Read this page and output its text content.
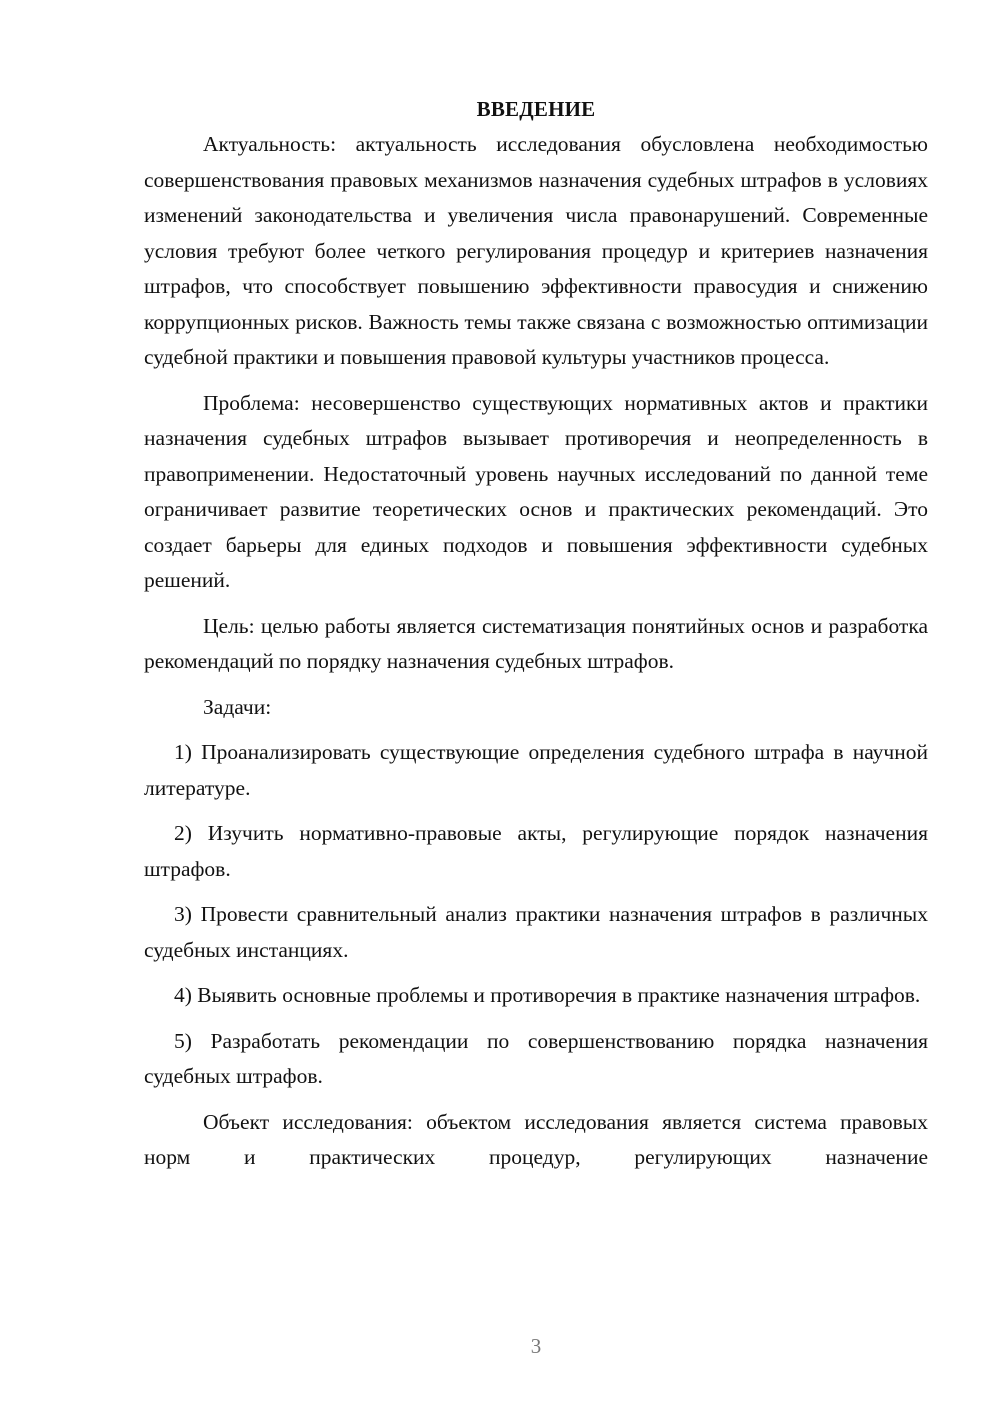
ВВЕДЕНИЕ

Актуальность: актуальность исследования обусловлена необходимостью совершенствования правовых механизмов назначения судебных штрафов в условиях изменений законодательства и увеличения числа правонарушений. Современные условия требуют более четкого регулирования процедур и критериев назначения штрафов, что способствует повышению эффективности правосудия и снижению коррупционных рисков. Важность темы также связана с возможностью оптимизации судебной практики и повышения правовой культуры участников процесса.

Проблема: несовершенство существующих нормативных актов и практики назначения судебных штрафов вызывает противоречия и неопределенность в правоприменении. Недостаточный уровень научных исследований по данной теме ограничивает развитие теоретических основ и практических рекомендаций. Это создает барьеры для единых подходов и повышения эффективности судебных решений.

Цель: целью работы является систематизация понятийных основ и разработка рекомендаций по порядку назначения судебных штрафов.

Задачи:

1) Проанализировать существующие определения судебного штрафа в научной литературе.

2) Изучить нормативно-правовые акты, регулирующие порядок назначения штрафов.

3) Провести сравнительный анализ практики назначения штрафов в различных судебных инстанциях.

4) Выявить основные проблемы и противоречия в практике назначения штрафов.

5) Разработать рекомендации по совершенствованию порядка назначения судебных штрафов.

Объект исследования: объектом исследования является система правовых норм и практических процедур, регулирующих назначение

3
